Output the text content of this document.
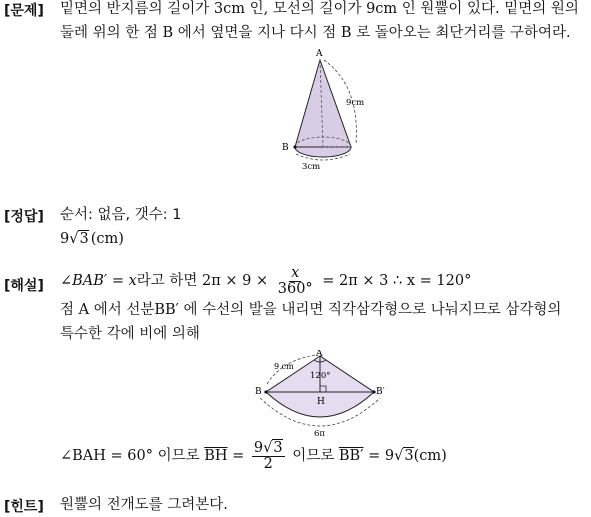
[문제] 밑면의 반지름의 길이가 3cm 인, 모선의 길이가 9cm 인 원뿔이 있다. 밑면의 원의
둘레 위의 한 점 B 에서 옆면을 지나 다시 점 B 로 돌아오는 최단거리를 구하여라.
A
B
9cm
3cm
[정답] 순서: 없음, 갯수: 1
9√3 (cm)
[해설] ∠BAB′ = x라고 하면 $2\pi \times 9 \times \frac{x}{360^\circ} = 2\pi \times 3$ ∴ x = 120°
점 A 에서 선분BB′ 에 수선의 발을 내리면 직각삼각형으로 나눠지므로 삼각형의
특수한 각에 비에 의해
A
B	B′
H
120°
9 cm
6π
∠BAH = 60° 이므로 $\overline{BH} = \frac{9√3}{2}$ 이므로 BB′ = 9√3(cm)
[힌트] 원뿔의 전개도를 그려본다.
